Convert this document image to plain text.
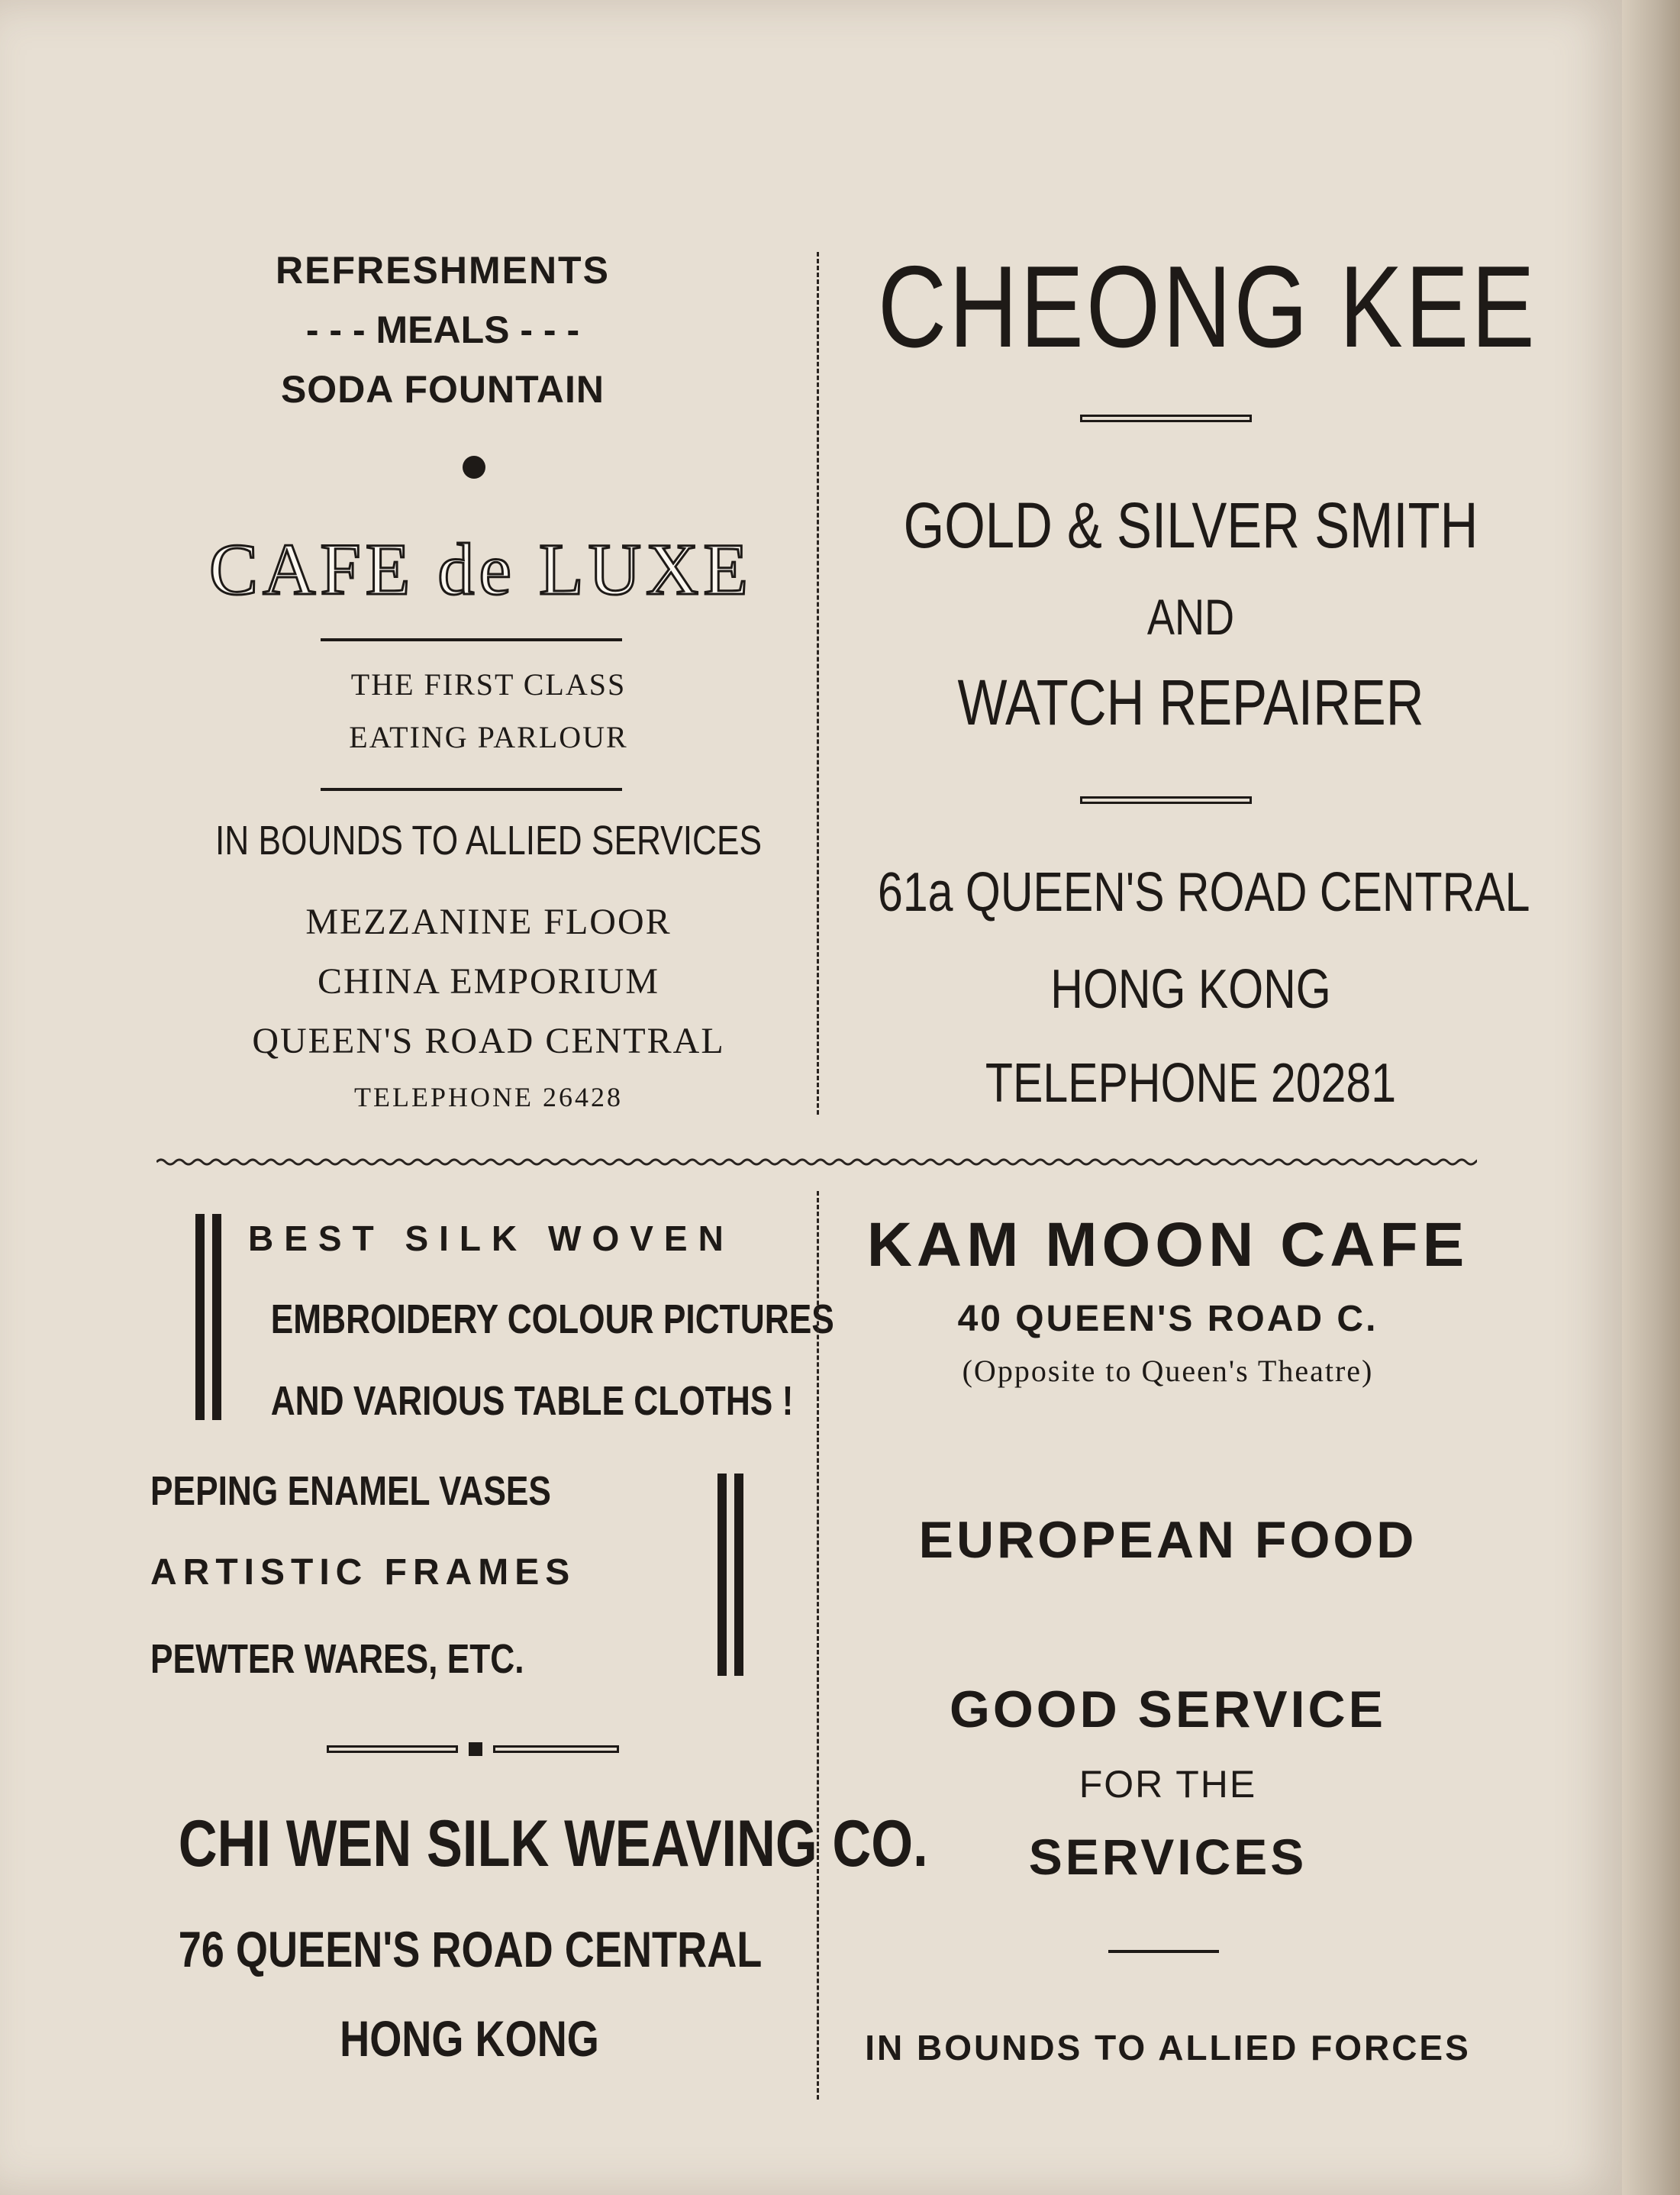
REFRESHMENTS
- - - MEALS - - -
SODA FOUNTAIN
CAFE de LUXE
THE FIRST CLASS
EATING PARLOUR
IN BOUNDS TO ALLIED SERVICES
MEZZANINE FLOOR
CHINA EMPORIUM
QUEEN'S ROAD CENTRAL
TELEPHONE 26428
CHEONG KEE
GOLD & SILVER SMITH
AND
WATCH REPAIRER
61a QUEEN'S ROAD CENTRAL
HONG KONG
TELEPHONE 20281
BEST SILK WOVEN
EMBROIDERY COLOUR PICTURES
AND VARIOUS TABLE CLOTHS !
PEPING ENAMEL VASES
ARTISTIC FRAMES
PEWTER WARES, ETC.
CHI WEN SILK WEAVING CO.
76 QUEEN'S ROAD CENTRAL
HONG KONG
KAM MOON CAFE
40 QUEEN'S ROAD C.
(Opposite to Queen's Theatre)
EUROPEAN FOOD
GOOD SERVICE
FOR THE
SERVICES
IN BOUNDS TO ALLIED FORCES
